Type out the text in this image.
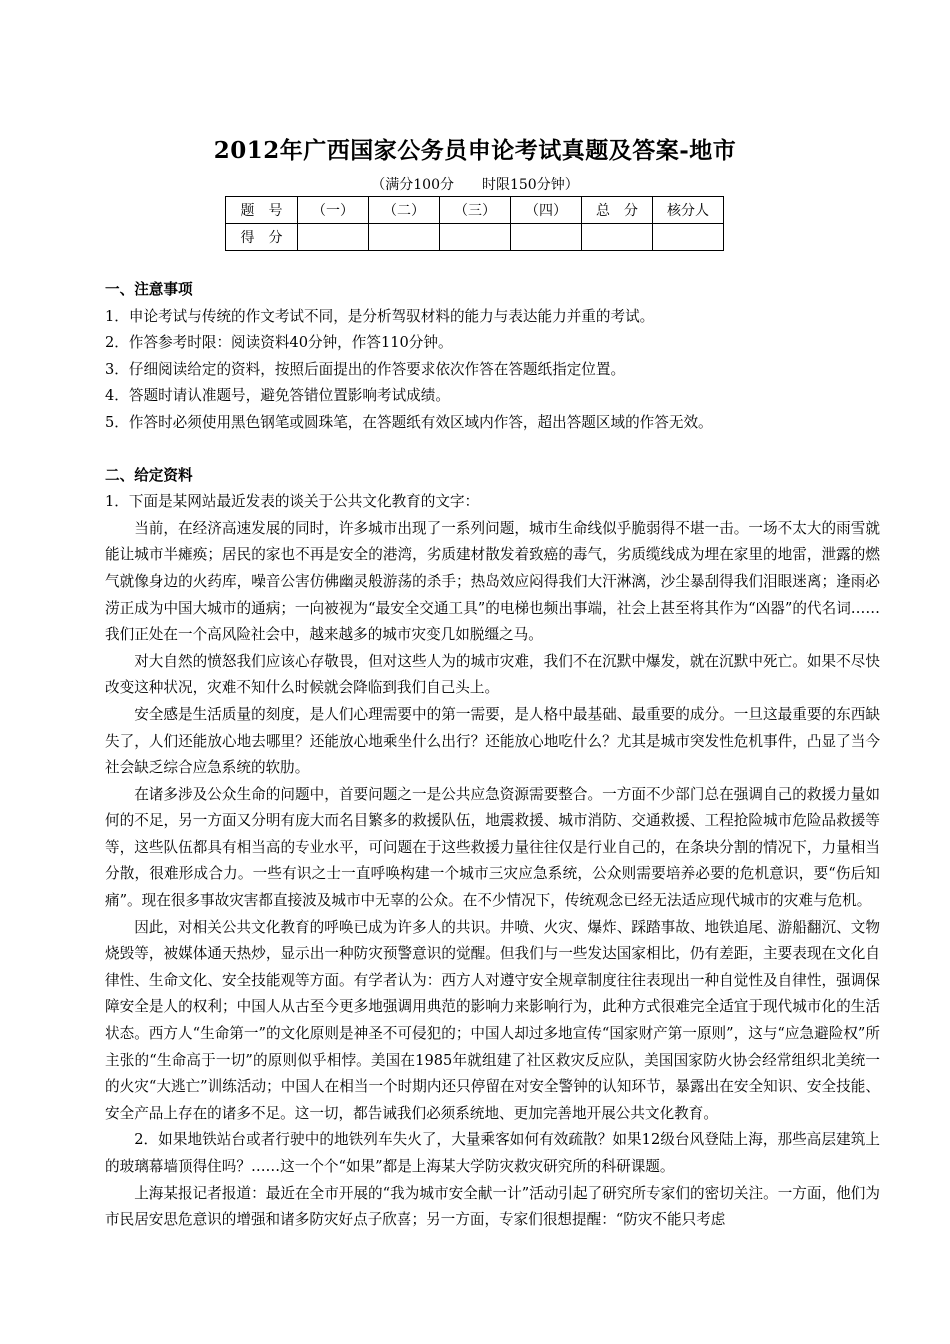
2012年广西国家公务员申论考试真题及答案-地市
（满分100分　　时限150分钟）
题　号	（一）	（二）	（三）	（四）	总　分	核分人
得　分						

一、注意事项

1．申论考试与传统的作文考试不同，是分析驾驭材料的能力与表达能力并重的考试。

2．作答参考时限：阅读资料40分钟，作答110分钟。

3．仔细阅读给定的资料，按照后面提出的作答要求依次作答在答题纸指定位置。

4．答题时请认准题号，避免答错位置影响考试成绩。

5．作答时必须使用黑色钢笔或圆珠笔，在答题纸有效区域内作答，超出答题区域的作答无效。

二、给定资料

1．下面是某网站最近发表的谈关于公共文化教育的文字：

当前，在经济高速发展的同时，许多城市出现了一系列问题，城市生命线似乎脆弱得不堪一击。一场不太大的雨雪就能让城市半瘫痪；居民的家也不再是安全的港湾，劣质建材散发着致癌的毒气，劣质缆线成为埋在家里的地雷，泄露的燃气就像身边的火药库，噪音公害仿佛幽灵般游荡的杀手；热岛效应闷得我们大汗淋漓，沙尘暴刮得我们泪眼迷离；逢雨必涝正成为中国大城市的通病；一向被视为“最安全交通工具”的电梯也频出事端，社会上甚至将其作为“凶器”的代名词……我们正处在一个高风险社会中，越来越多的城市灾变几如脱缰之马。

对大自然的愤怒我们应该心存敬畏，但对这些人为的城市灾难，我们不在沉默中爆发，就在沉默中死亡。如果不尽快改变这种状况，灾难不知什么时候就会降临到我们自己头上。

安全感是生活质量的刻度，是人们心理需要中的第一需要，是人格中最基础、最重要的成分。一旦这最重要的东西缺失了，人们还能放心地去哪里？还能放心地乘坐什么出行？还能放心地吃什么？尤其是城市突发性危机事件，凸显了当今社会缺乏综合应急系统的软肋。

在诸多涉及公众生命的问题中，首要问题之一是公共应急资源需要整合。一方面不少部门总在强调自己的救援力量如何的不足，另一方面又分明有庞大而名目繁多的救援队伍，地震救援、城市消防、交通救援、工程抢险城市危险品救援等等，这些队伍都具有相当高的专业水平，可问题在于这些救援力量往往仅是行业自己的，在条块分割的情况下，力量相当分散，很难形成合力。一些有识之士一直呼唤构建一个城市三灾应急系统，公众则需要培养必要的危机意识，要“伤后知痛”。现在很多事故灾害都直接波及城市中无辜的公众。在不少情况下，传统观念已经无法适应现代城市的灾难与危机。

因此，对相关公共文化教育的呼唤已成为许多人的共识。井喷、火灾、爆炸、踩踏事故、地铁追尾、游船翻沉、文物烧毁等，被媒体通天热炒，显示出一种防灾预警意识的觉醒。但我们与一些发达国家相比，仍有差距，主要表现在文化自律性、生命文化、安全技能观等方面。有学者认为：西方人对遵守安全规章制度往往表现出一种自觉性及自律性，强调保障安全是人的权利；中国人从古至今更多地强调用典范的影响力来影响行为，此种方式很难完全适宜于现代城市化的生活状态。西方人“生命第一”的文化原则是神圣不可侵犯的；中国人却过多地宣传“国家财产第一原则”，这与“应急避险权”所主张的“生命高于一切”的原则似乎相悖。美国在1985年就组建了社区救灾反应队，美国国家防火协会经常组织北美统一的火灾“大逃亡”训练活动；中国人在相当一个时期内还只停留在对安全警钟的认知环节，暴露出在安全知识、安全技能、安全产品上存在的诸多不足。这一切，都告诫我们必须系统地、更加完善地开展公共文化教育。

2．如果地铁站台或者行驶中的地铁列车失火了，大量乘客如何有效疏散？如果12级台风登陆上海，那些高层建筑上的玻璃幕墙顶得住吗？……这一个个“如果”都是上海某大学防灾救灾研究所的科研课题。

上海某报记者报道：最近在全市开展的“我为城市安全献一计”活动引起了研究所专家们的密切关注。一方面，他们为市民居安思危意识的增强和诸多防灾好点子欣喜；另一方面，专家们很想提醒：“防灾不能只考虑
